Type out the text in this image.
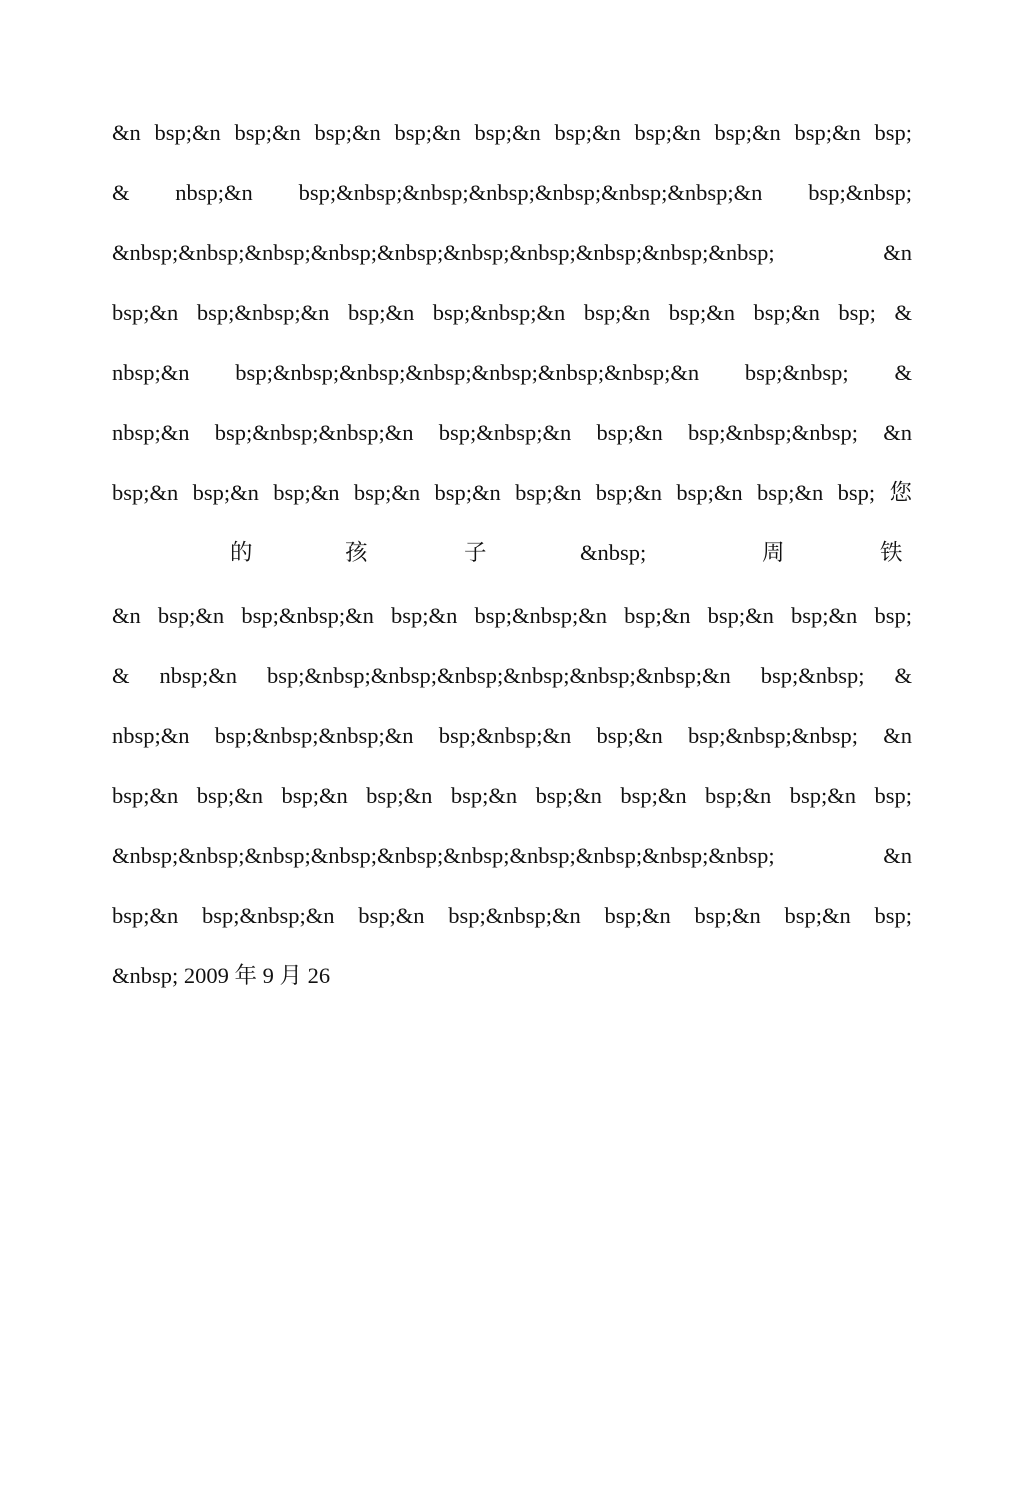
&n bsp;&n bsp;&n bsp;&n bsp;&n bsp;&n bsp;&n bsp;&n bsp;&n bsp;&n bsp;
& nbsp;&n bsp;&nbsp;&nbsp;&nbsp;&nbsp;&nbsp;&nbsp;&n bsp;&nbsp;
&nbsp;&nbsp;&nbsp;&nbsp;&nbsp;&nbsp;&nbsp;&nbsp;&nbsp;&nbsp; &n
bsp;&n bsp;&nbsp;&n bsp;&n bsp;&nbsp;&n bsp;&n bsp;&n bsp;&n bsp; &
nbsp;&n bsp;&nbsp;&nbsp;&nbsp;&nbsp;&nbsp;&nbsp;&n bsp;&nbsp; &
nbsp;&n bsp;&nbsp;&nbsp;&n bsp;&nbsp;&n bsp;&n bsp;&nbsp;&nbsp; &n
bsp;&n bsp;&n bsp;&n bsp;&n bsp;&n bsp;&n bsp;&n bsp;&n bsp;&n bsp; 您
的	孩	子	&nbsp;	周	铁
&n bsp;&n bsp;&nbsp;&n bsp;&n bsp;&nbsp;&n bsp;&n bsp;&n bsp;&n bsp;
& nbsp;&n bsp;&nbsp;&nbsp;&nbsp;&nbsp;&nbsp;&nbsp;&n bsp;&nbsp; &
nbsp;&n bsp;&nbsp;&nbsp;&n bsp;&nbsp;&n bsp;&n bsp;&nbsp;&nbsp; &n
bsp;&n bsp;&n bsp;&n bsp;&n bsp;&n bsp;&n bsp;&n bsp;&n bsp;&n bsp;
&nbsp;&nbsp;&nbsp;&nbsp;&nbsp;&nbsp;&nbsp;&nbsp;&nbsp;&nbsp; &n
bsp;&n bsp;&nbsp;&n bsp;&n bsp;&nbsp;&n bsp;&n bsp;&n bsp;&n bsp;
&nbsp; 2009 年 9 月 26
